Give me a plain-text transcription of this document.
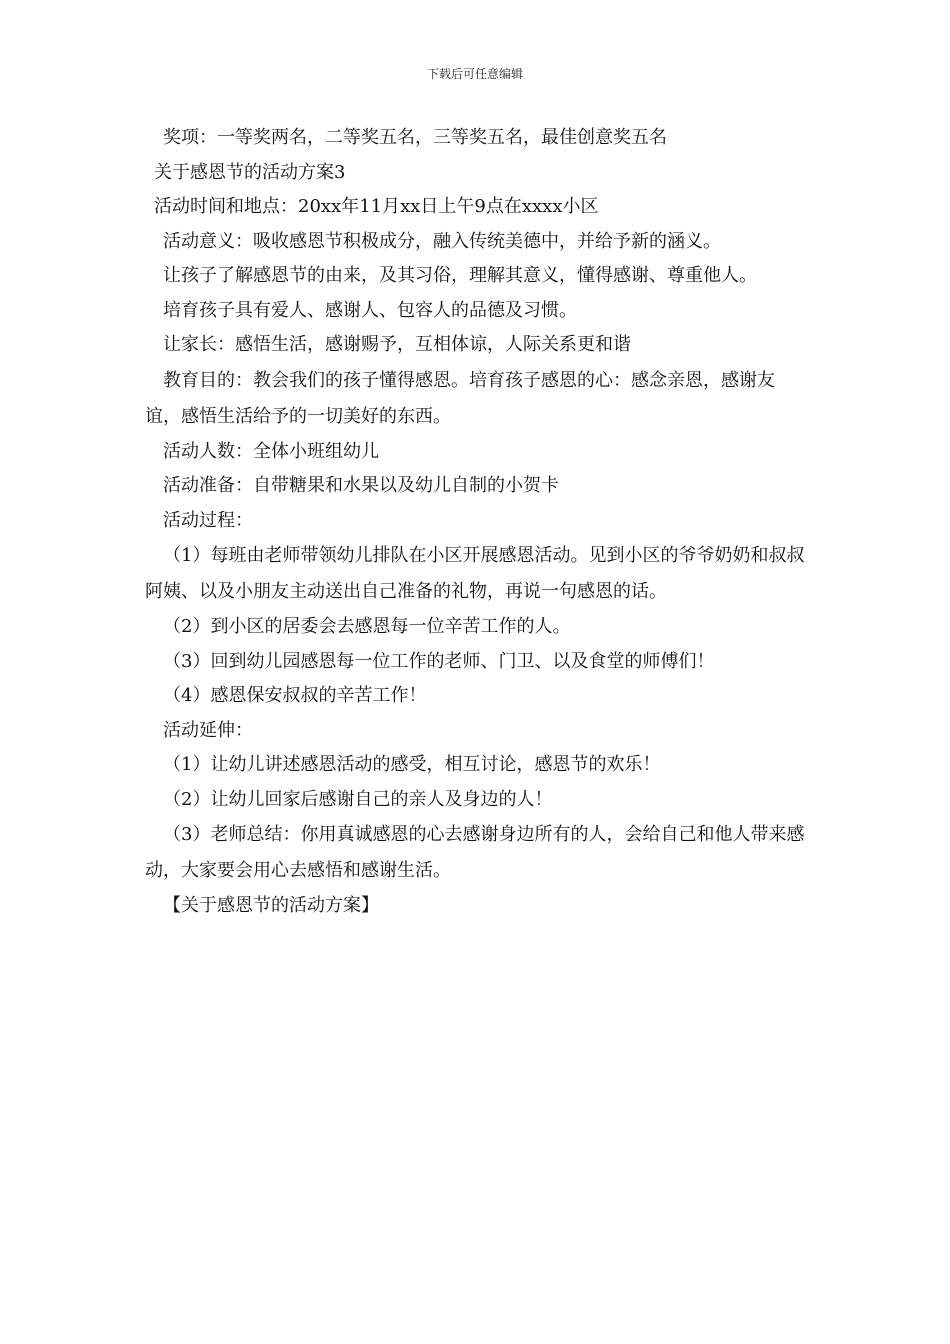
下载后可任意编辑

奖项：一等奖两名，二等奖五名，三等奖五名，最佳创意奖五名

关于感恩节的活动方案3

活动时间和地点：20xx年11月xx日上午9点在xxxx小区

活动意义：吸收感恩节积极成分，融入传统美德中，并给予新的涵义。

让孩子了解感恩节的由来，及其习俗，理解其意义，懂得感谢、尊重他人。

培育孩子具有爱人、感谢人、包容人的品德及习惯。

让家长：感悟生活，感谢赐予，互相体谅，人际关系更和谐

教育目的：教会我们的孩子懂得感恩。培育孩子感恩的心：感念亲恩，感谢友谊，感悟生活给予的一切美好的东西。

活动人数：全体小班组幼儿

活动准备：自带糖果和水果以及幼儿自制的小贺卡

活动过程：

（1）每班由老师带领幼儿排队在小区开展感恩活动。见到小区的爷爷奶奶和叔叔阿姨、以及小朋友主动送出自己准备的礼物，再说一句感恩的话。

（2）到小区的居委会去感恩每一位辛苦工作的人。

（3）回到幼儿园感恩每一位工作的老师、门卫、以及食堂的师傅们！

（4）感恩保安叔叔的辛苦工作！

活动延伸：

（1）让幼儿讲述感恩活动的感受，相互讨论，感恩节的欢乐！

（2）让幼儿回家后感谢自己的亲人及身边的人！

（3）老师总结：你用真诚感恩的心去感谢身边所有的人，会给自己和他人带来感动，大家要会用心去感悟和感谢生活。

【关于感恩节的活动方案】
